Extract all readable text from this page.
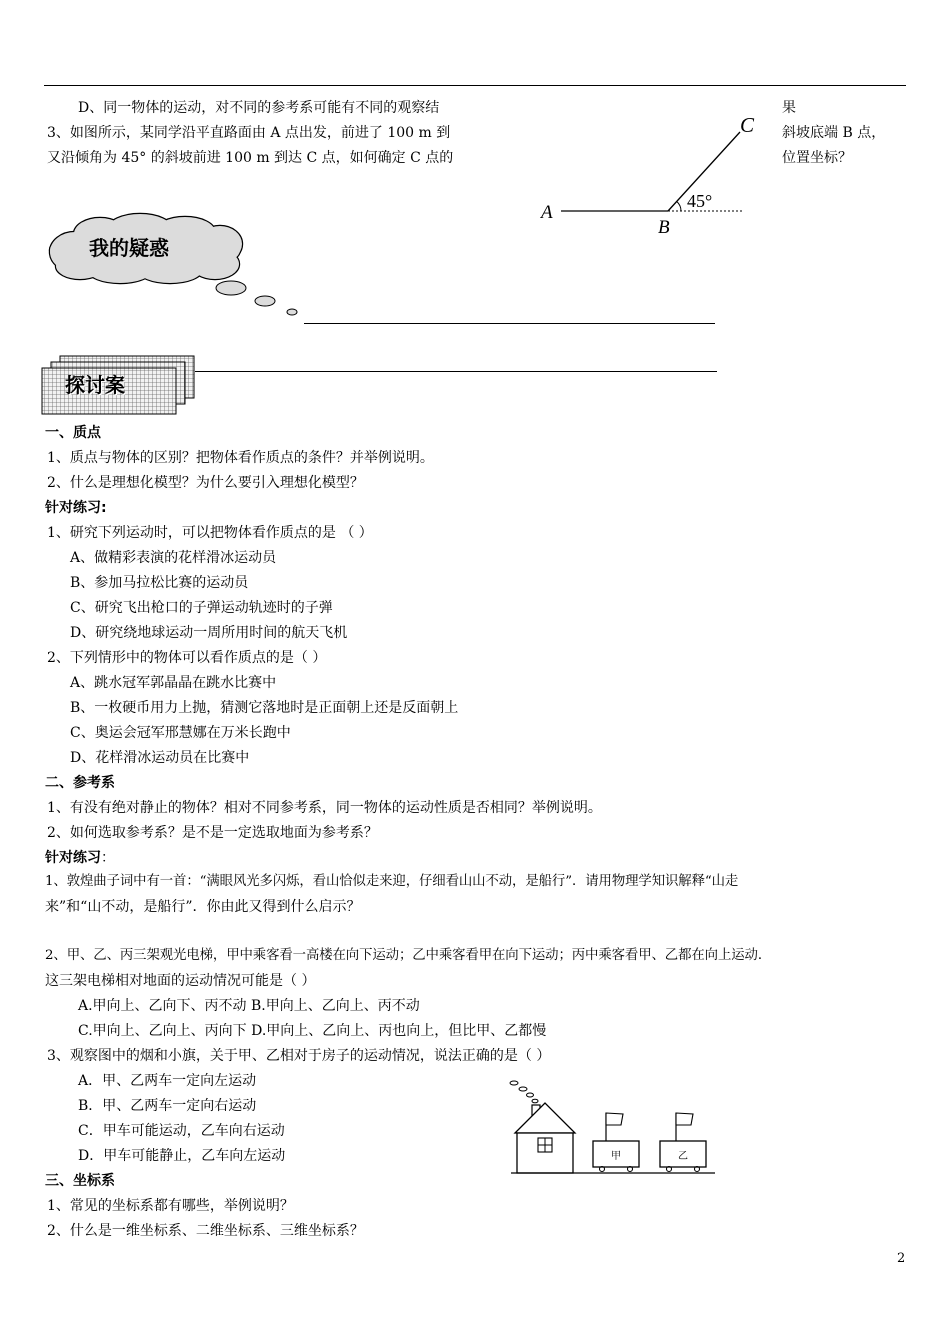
D、同一物体的运动，对不同的参考系可能有不同的观察结	果
3、如图所示，某同学沿平直路面由 A 点出发，前进了 100 m 到	斜坡底端 B 点，
又沿倾角为 45° 的斜坡前进 100 m 到达 C 点，如何确定 C 点的	位置坐标？
A
B
C
45°
我的疑惑
探讨案
一、质点
1、质点与物体的区别？把物体看作质点的条件？并举例说明。
2、什么是理想化模型？为什么要引入理想化模型？
针对练习:
1、研究下列运动时，可以把物体看作质点的是 （ ）
A、做精彩表演的花样滑冰运动员
B、参加马拉松比赛的运动员
C、研究飞出枪口的子弹运动轨迹时的子弹
D、研究绕地球运动一周所用时间的航天飞机
2、下列情形中的物体可以看作质点的是（ ）
A、跳水冠军郭晶晶在跳水比赛中
B、一枚硬币用力上抛，猜测它落地时是正面朝上还是反面朝上
C、奥运会冠军邢慧娜在万米长跑中
D、花样滑冰运动员在比赛中
二、参考系
1、有没有绝对静止的物体？相对不同参考系，同一物体的运动性质是否相同？举例说明。
2、如何选取参考系？是不是一定选取地面为参考系？
针对练习：
1、敦煌曲子词中有一首：“满眼风光多闪烁，看山恰似走来迎，仔细看山山不动，是船行”．请用物理学知识解释“山走
来”和“山不动，是船行”．你由此又得到什么启示？
2、甲、乙、丙三架观光电梯，甲中乘客看一高楼在向下运动；乙中乘客看甲在向下运动；丙中乘客看甲、乙都在向上运动．
这三架电梯相对地面的运动情况可能是（ ）
A.甲向上、乙向下、丙不动 B.甲向上、乙向上、丙不动
C.甲向上、乙向上、丙向下 D.甲向上、乙向上、丙也向上，但比甲、乙都慢
3、观察图中的烟和小旗，关于甲、乙相对于房子的运动情况，说法正确的是（ ）
A．甲、乙两车一定向左运动
B．甲、乙两车一定向右运动
C．甲车可能运动，乙车向右运动
D．甲车可能静止，乙车向左运动	甲	乙
三、坐标系
1、常见的坐标系都有哪些，举例说明？
2、什么是一维坐标系、二维坐标系、三维坐标系？
2
